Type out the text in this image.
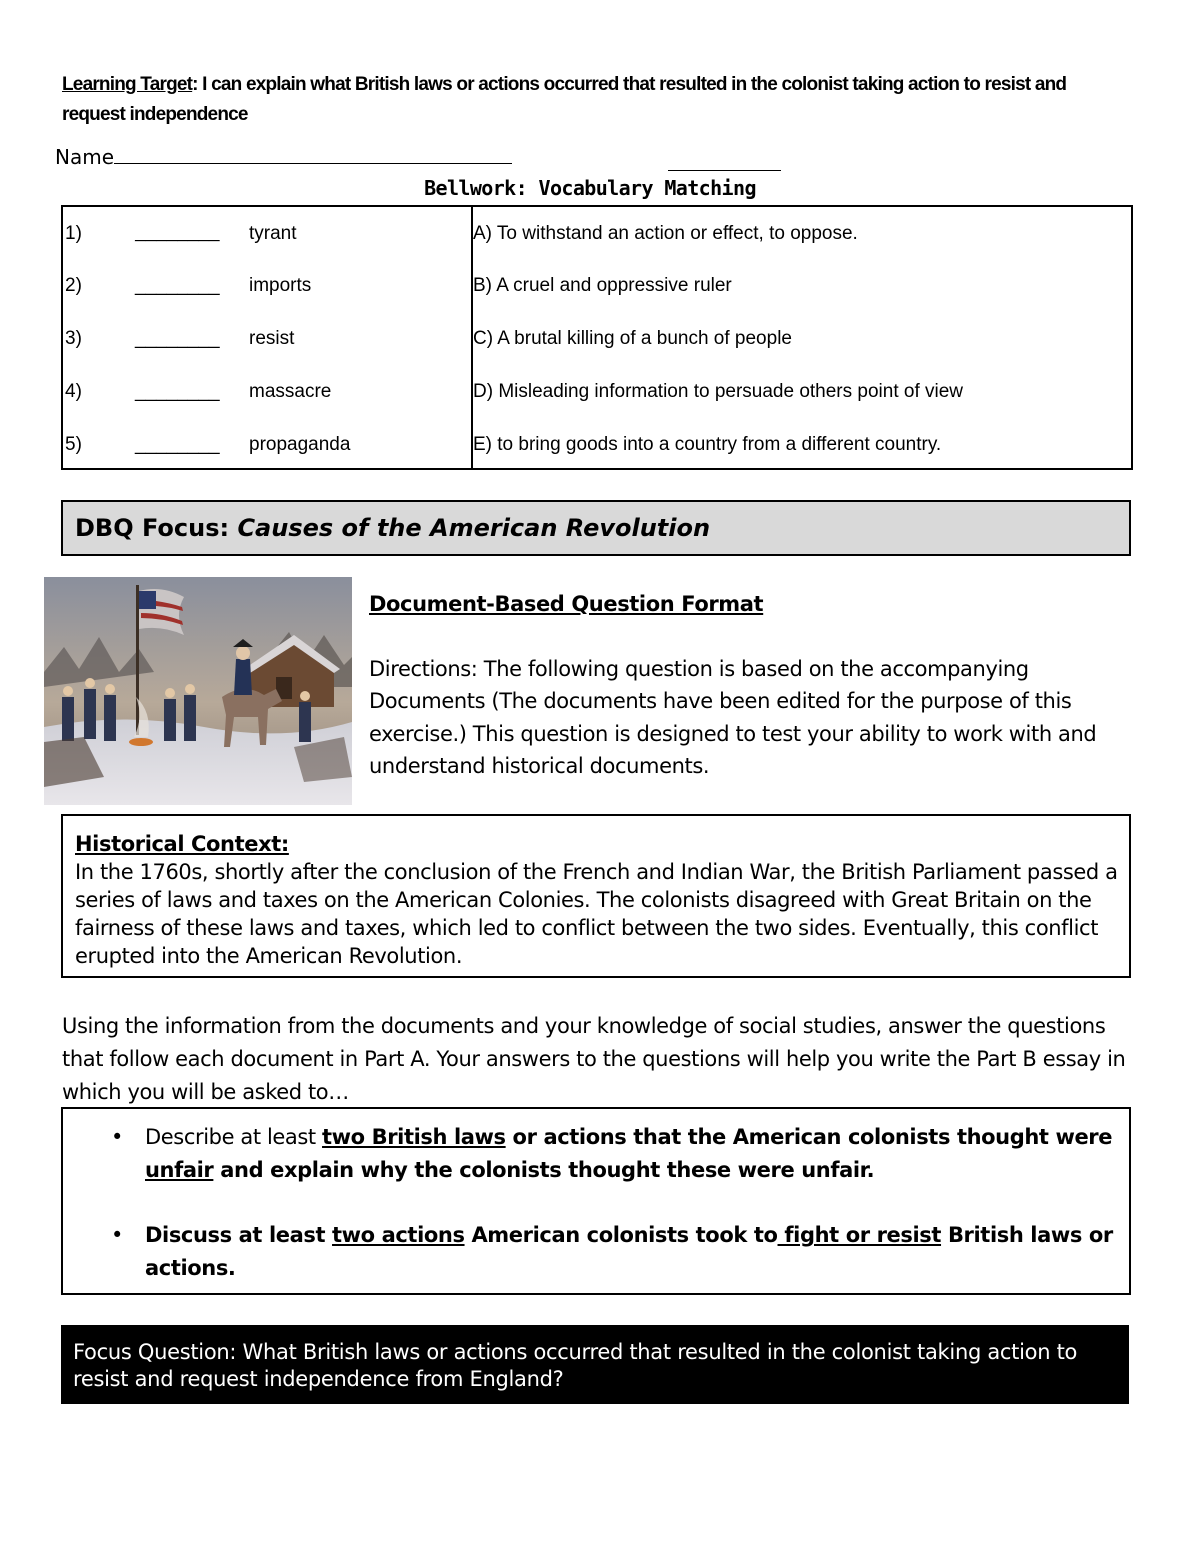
Learning Target: I can explain what British laws or actions occurred that resulted in the colonist taking action to resist and request independence
Name
Bellwork: Vocabulary Matching
1)	________ tyrant	A) To withstand an action or effect, to oppose.
2)	________ imports	B) A cruel and oppressive ruler
3)	________ resist	C) A brutal killing of a bunch of people
4)	________ massacre	D) Misleading information to persuade others point of view
5)	________ propaganda	E) to bring goods into a country from a different country.
DBQ Focus: Causes of the American Revolution
Document-Based Question Format
Directions: The following question is based on the accompanying Documents (The documents have been edited for the purpose of this exercise.) This question is designed to test your ability to work with and understand historical documents.
Historical Context:
In the 1760s, shortly after the conclusion of the French and Indian War, the British Parliament passed a series of laws and taxes on the American Colonies. The colonists disagreed with Great Britain on the fairness of these laws and taxes, which led to conflict between the two sides. Eventually, this conflict erupted into the American Revolution.
Using the information from the documents and your knowledge of social studies, answer the questions that follow each document in Part A. Your answers to the questions will help you write the Part B essay in which you will be asked to…
• Describe at least two British laws or actions that the American colonists thought were unfair and explain why the colonists thought these were unfair.
• Discuss at least two actions American colonists took to fight or resist British laws or actions.
Focus Question: What British laws or actions occurred that resulted in the colonist taking action to resist and request independence from England?
